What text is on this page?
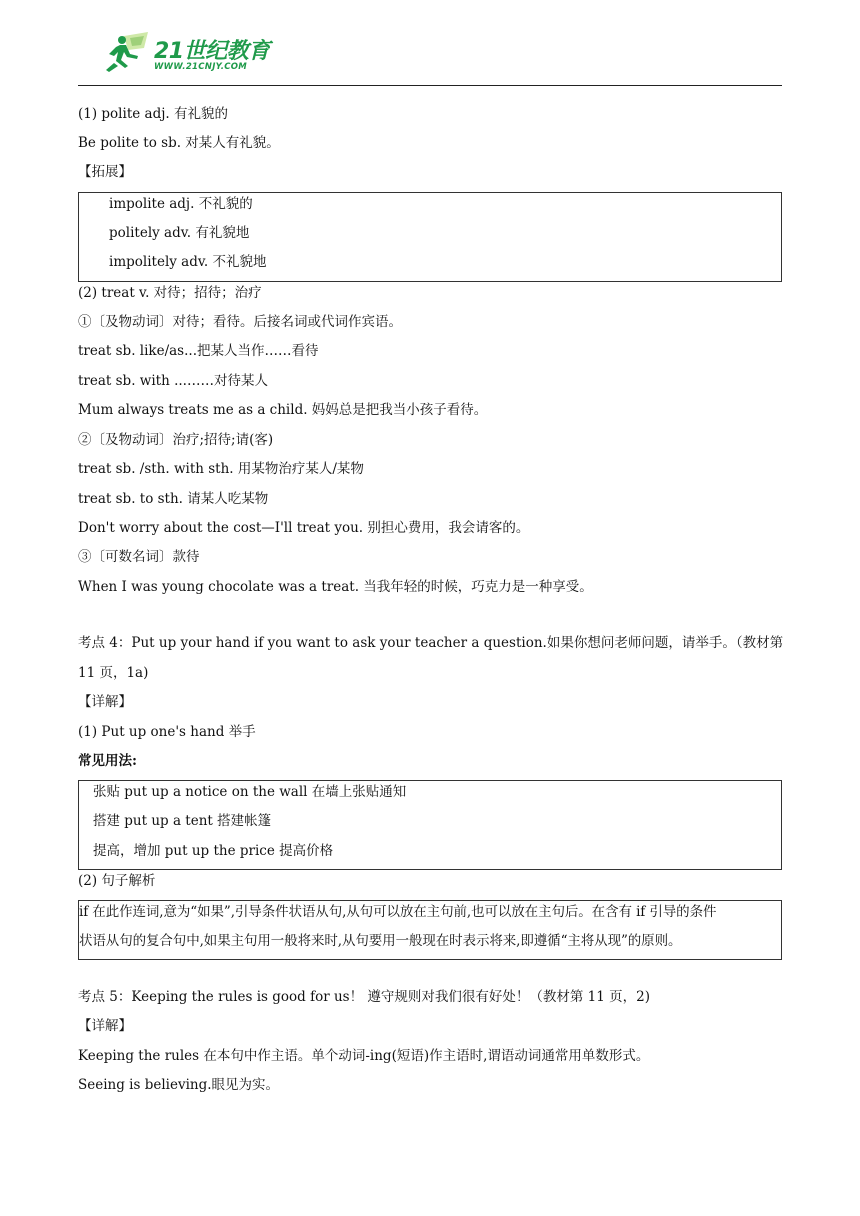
21世纪教育
WWW.21CNJY.COM
(1) polite adj. 有礼貌的
Be polite to sb. 对某人有礼貌。
【拓展】
impolite adj. 不礼貌的
politely adv. 有礼貌地
impolitely adv. 不礼貌地
(2) treat v. 对待；招待；治疗
①〔及物动词〕对待；看待。后接名词或代词作宾语。
treat sb. like/as...把某人当作……看待
treat sb. with ...……对待某人
Mum always treats me as a child. 妈妈总是把我当小孩子看待。
②〔及物动词〕治疗;招待;请(客)
treat sb. /sth. with sth. 用某物治疗某人/某物
treat sb. to sth. 请某人吃某物
Don't worry about the cost—I'll treat you. 别担心费用，我会请客的。
③〔可数名词〕款待
When I was young chocolate was a treat. 当我年轻的时候，巧克力是一种享受。
考点 4：Put up your hand if you want to ask your teacher a question.如果你想问老师问题，请举手。（教材第
11 页，1a)
【详解】
(1) Put up one's hand 举手
常见用法:
张贴 put up a notice on the wall 在墙上张贴通知
搭建 put up a tent 搭建帐篷
提高，增加 put up the price 提高价格
(2) 句子解析
if 在此作连词,意为“如果”,引导条件状语从句,从句可以放在主句前,也可以放在主句后。在含有 if 引导的条件
状语从句的复合句中,如果主句用一般将来时,从句要用一般现在时表示将来,即遵循“主将从现”的原则。
考点 5：Keeping the rules is good for us！ 遵守规则对我们很有好处！（教材第 11 页，2)
【详解】
Keeping the rules 在本句中作主语。单个动词-ing(短语)作主语时,谓语动词通常用单数形式。
Seeing is believing.眼见为实。
